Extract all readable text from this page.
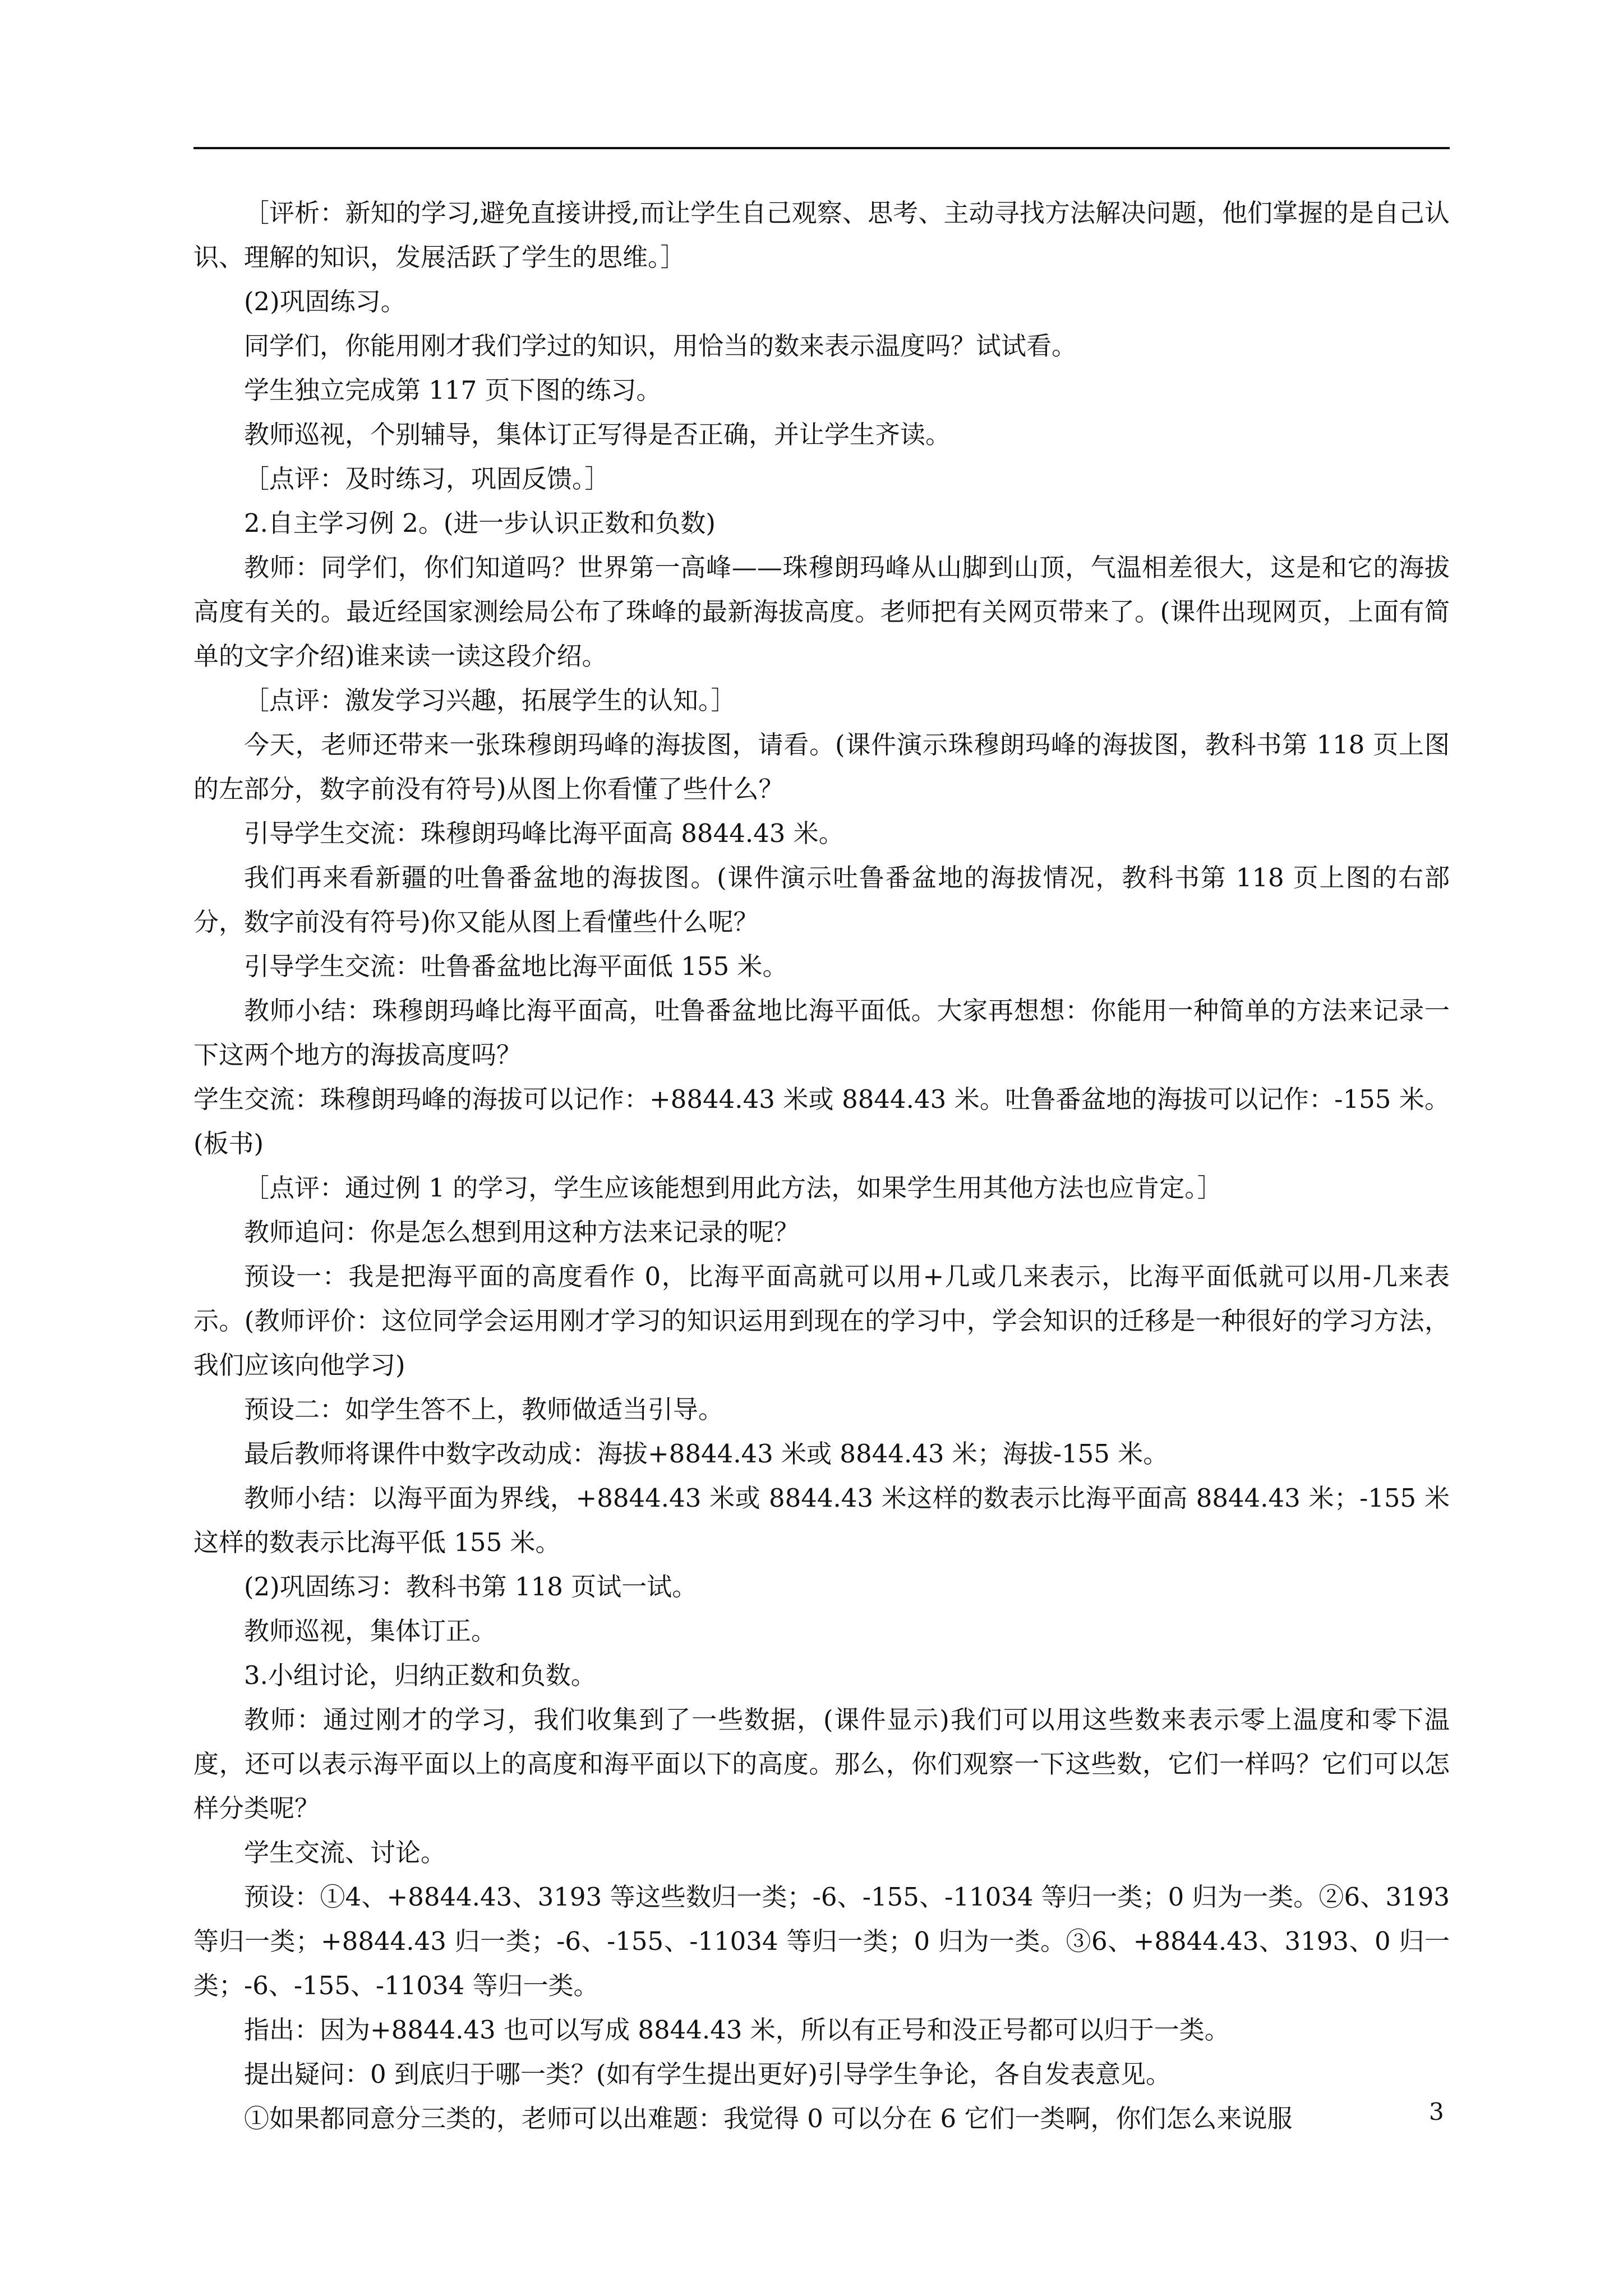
［评析：新知的学习,避免直接讲授,而让学生自己观察、思考、主动寻找方法解决问题，他们掌握的是自己认识、理解的知识，发展活跃了学生的思维。］

(2)巩固练习。

同学们，你能用刚才我们学过的知识，用恰当的数来表示温度吗？试试看。

学生独立完成第 117 页下图的练习。

教师巡视，个别辅导，集体订正写得是否正确，并让学生齐读。

［点评：及时练习，巩固反馈。］

2.自主学习例 2。(进一步认识正数和负数)

教师：同学们，你们知道吗？世界第一高峰——珠穆朗玛峰从山脚到山顶，气温相差很大，这是和它的海拔高度有关的。最近经国家测绘局公布了珠峰的最新海拔高度。老师把有关网页带来了。(课件出现网页，上面有简单的文字介绍)谁来读一读这段介绍。

［点评：激发学习兴趣，拓展学生的认知。］

今天，老师还带来一张珠穆朗玛峰的海拔图，请看。(课件演示珠穆朗玛峰的海拔图，教科书第 118 页上图的左部分，数字前没有符号)从图上你看懂了些什么？

引导学生交流：珠穆朗玛峰比海平面高 8844.43 米。

我们再来看新疆的吐鲁番盆地的海拔图。(课件演示吐鲁番盆地的海拔情况，教科书第 118 页上图的右部分，数字前没有符号)你又能从图上看懂些什么呢？

引导学生交流：吐鲁番盆地比海平面低 155 米。

教师小结：珠穆朗玛峰比海平面高，吐鲁番盆地比海平面低。大家再想想：你能用一种简单的方法来记录一下这两个地方的海拔高度吗？

学生交流：珠穆朗玛峰的海拔可以记作：+8844.43 米或 8844.43 米。吐鲁番盆地的海拔可以记作：-155 米。(板书)

［点评：通过例 1 的学习，学生应该能想到用此方法，如果学生用其他方法也应肯定。］

教师追问：你是怎么想到用这种方法来记录的呢？

预设一：我是把海平面的高度看作 0，比海平面高就可以用+几或几来表示，比海平面低就可以用-几来表示。(教师评价：这位同学会运用刚才学习的知识运用到现在的学习中，学会知识的迁移是一种很好的学习方法，我们应该向他学习)

预设二：如学生答不上，教师做适当引导。

最后教师将课件中数字改动成：海拔+8844.43 米或 8844.43 米；海拔-155 米。

教师小结：以海平面为界线，+8844.43 米或 8844.43 米这样的数表示比海平面高 8844.43 米；-155 米这样的数表示比海平低 155 米。

(2)巩固练习：教科书第 118 页试一试。

教师巡视，集体订正。

3.小组讨论，归纳正数和负数。

教师：通过刚才的学习，我们收集到了一些数据，(课件显示)我们可以用这些数来表示零上温度和零下温度，还可以表示海平面以上的高度和海平面以下的高度。那么，你们观察一下这些数，它们一样吗？它们可以怎样分类呢？

学生交流、讨论。

预设：①4、+8844.43、3193 等这些数归一类；-6、-155、-11034 等归一类；0 归为一类。②6、3193 等归一类；+8844.43 归一类；-6、-155、-11034 等归一类；0 归为一类。③6、+8844.43、3193、0 归一类；-6、-155、-11034 等归一类。

指出：因为+8844.43 也可以写成 8844.43 米，所以有正号和没正号都可以归于一类。

提出疑问：0 到底归于哪一类？(如有学生提出更好)引导学生争论，各自发表意见。

①如果都同意分三类的，老师可以出难题：我觉得 0 可以分在 6 它们一类啊，你们怎么来说服	3
